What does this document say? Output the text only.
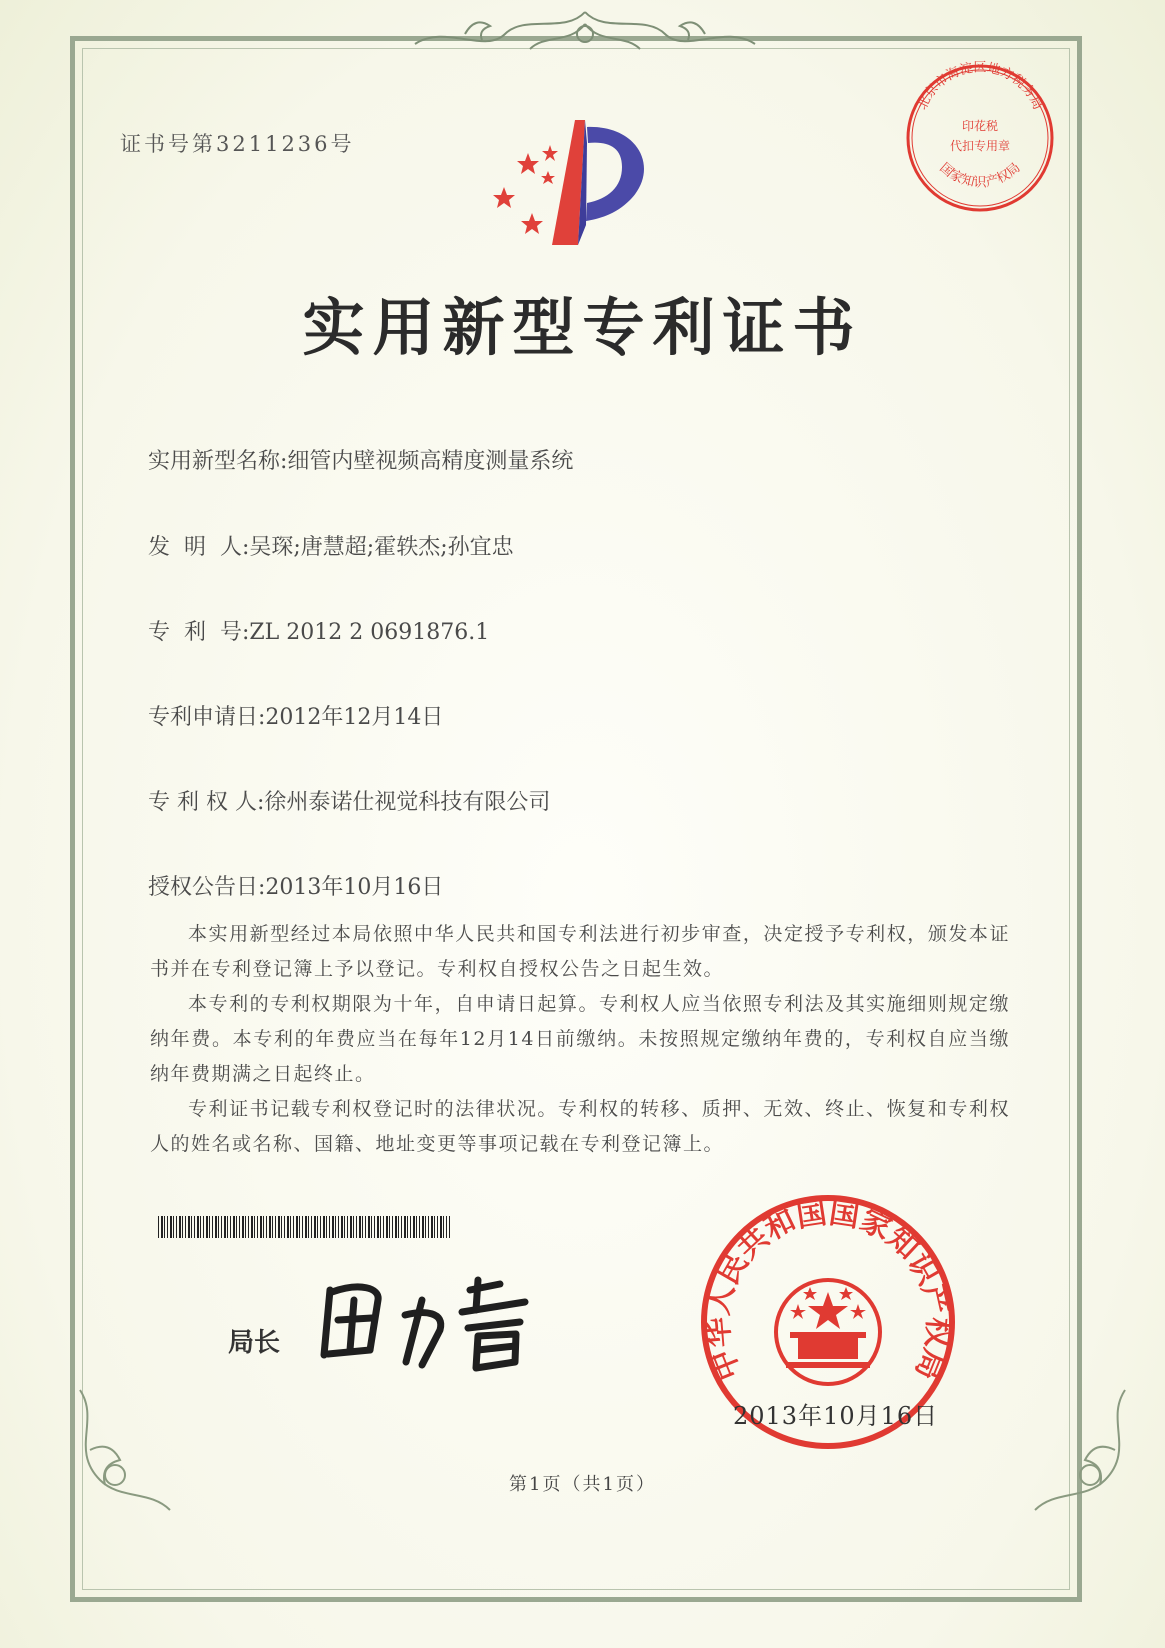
证书号第3211236号
北京市海淀区地方税务局
印花税
代扣专用章
国家知识产权局
实用新型专利证书
实用新型名称:细管内壁视频高精度测量系统
发  明  人:吴琛;唐慧超;霍轶杰;孙宜忠
专  利  号:ZL 2012 2 0691876.1
专利申请日:2012年12月14日
专 利 权 人:徐州泰诺仕视觉科技有限公司
授权公告日:2013年10月16日

本实用新型经过本局依照中华人民共和国专利法进行初步审查，决定授予专利权，颁发本证书并在专利登记簿上予以登记。专利权自授权公告之日起生效。

本专利的专利权期限为十年，自申请日起算。专利权人应当依照专利法及其实施细则规定缴纳年费。本专利的年费应当在每年12月14日前缴纳。未按照规定缴纳年费的，专利权自应当缴纳年费期满之日起终止。

专利证书记载专利权登记时的法律状况。专利权的转移、质押、无效、终止、恢复和专利权人的姓名或名称、国籍、地址变更等事项记载在专利登记簿上。

局长
中华人民共和国国家知识产权局
2013年10月16日
第1页（共1页）
